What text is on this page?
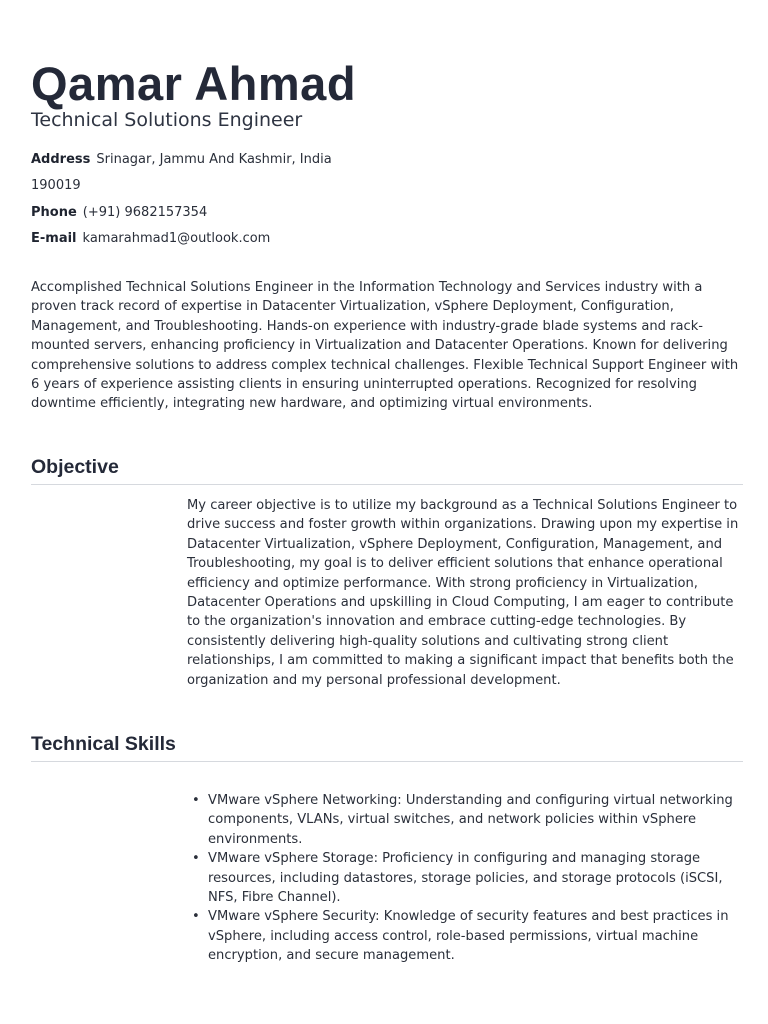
Qamar Ahmad
Technical Solutions Engineer
Address Srinagar, Jammu And Kashmir, India
190019
Phone (+91) 9682157354
E-mail kamarahmad1@outlook.com

Accomplished Technical Solutions Engineer in the Information Technology and Services industry with a proven track record of expertise in Datacenter Virtualization, vSphere Deployment, Configuration, Management, and Troubleshooting. Hands-on experience with industry-grade blade systems and rack-mounted servers, enhancing proficiency in Virtualization and Datacenter Operations. Known for delivering comprehensive solutions to address complex technical challenges. Flexible Technical Support Engineer with 6 years of experience assisting clients in ensuring uninterrupted operations. Recognized for resolving downtime efficiently, integrating new hardware, and optimizing virtual environments.

Objective

My career objective is to utilize my background as a Technical Solutions Engineer to drive success and foster growth within organizations. Drawing upon my expertise in Datacenter Virtualization, vSphere Deployment, Configuration, Management, and Troubleshooting, my goal is to deliver efficient solutions that enhance operational efficiency and optimize performance. With strong proficiency in Virtualization, Datacenter Operations and upskilling in Cloud Computing, I am eager to contribute to the organization's innovation and embrace cutting-edge technologies. By consistently delivering high-quality solutions and cultivating strong client relationships, I am committed to making a significant impact that benefits both the organization and my personal professional development.

Technical Skills
• VMware vSphere Networking: Understanding and configuring virtual networking components, VLANs, virtual switches, and network policies within vSphere environments.
• VMware vSphere Storage: Proficiency in configuring and managing storage resources, including datastores, storage policies, and storage protocols (iSCSI, NFS, Fibre Channel).
• VMware vSphere Security: Knowledge of security features and best practices in vSphere, including access control, role-based permissions, virtual machine encryption, and secure management.
